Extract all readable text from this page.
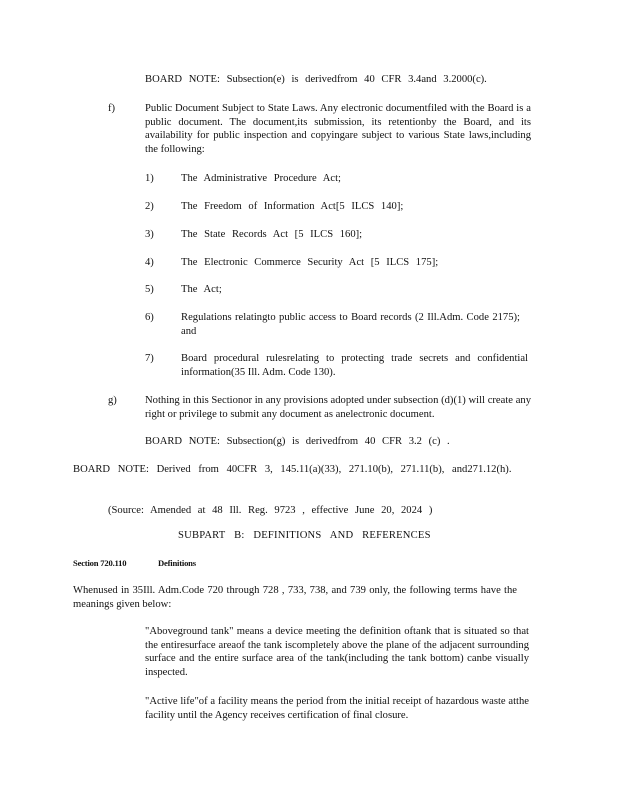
BOARD NOTE: Subsection(e) is derivedfrom 40 CFR 3.4and 3.2000(c).

f)	Public Document Subject to State Laws. Any electronic documentfiled with the Board is a public document. The document,its submission, its retentionby the Board, and its availability for public inspection and copyingare subject to various State laws,including the following:

1)	The Administrative Procedure Act;

2)	The Freedom of Information Act[5 ILCS 140];

3)	The State Records Act [5 ILCS 160];

4)	The Electronic Commerce Security Act [5 ILCS 175];

5)	The Act;

6)	Regulations relatingto public access to Board records (2 Ill.Adm. Code 2175); and

7)	Board procedural rulesrelating to protecting trade secrets and confidential information(35 Ill. Adm. Code 130).

g)	Nothing in this Sectionor in any provisions adopted under subsection (d)(1) will create any right or privilege to submit any document as anelectronic document.

BOARD NOTE: Subsection(g) is derivedfrom 40 CFR 3.2 (c) .

BOARD NOTE: Derived from 40CFR 3, 145.11(a)(33), 271.10(b), 271.11(b), and271.12(h).

(Source: Amended at 48 Ill. Reg. 9723 , effective June 20, 2024 )

SUBPART B: DEFINITIONS AND REFERENCES

Section 720.110	Definitions

Whenused in 35Ill. Adm.Code 720 through 728 , 733, 738, and 739 only, the following terms have the meanings given below:

"Aboveground tank" means a device meeting the definition oftank that is situated so that the entiresurface areaof the tank iscompletely above the plane of the adjacent surrounding surface and the entire surface area of the tank(including the tank bottom) canbe visually inspected.

"Active life"of a facility means the period from the initial receipt of hazardous waste atthe facility until the Agency receives certification of final closure.
